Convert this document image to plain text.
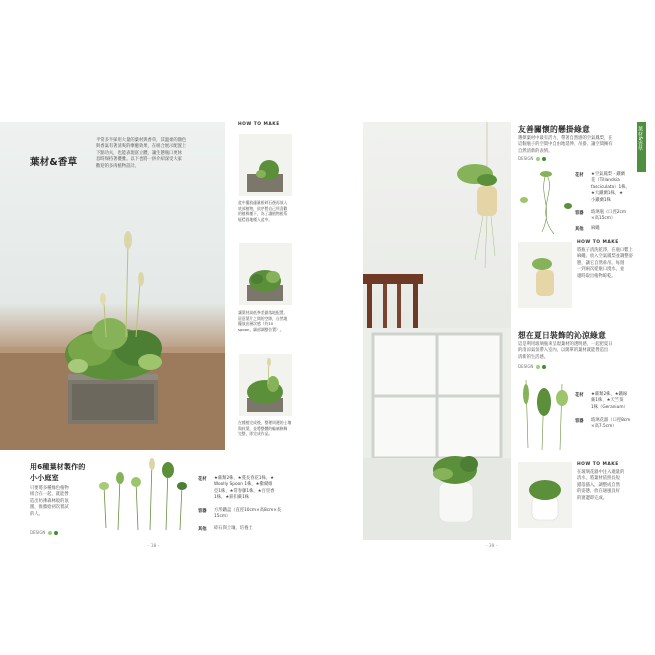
葉材&香草

平常多半採用大量的葉材與香草，其溫柔的顏色
與香氣有著清爽的療癒效果，在組合展示配置上
下點功夫，也能表現富立體，讓生態瓶口更休
息時保持著優雅。以下也將一併介紹深受大家
歡迎的多肉植物設計。

HOW TO MAKE

盆中擺放適量根碎石後再放入
底部植物，依序將自己所喜歡
的植株種下，為了讓植物根系
能穩固地種入盆中。

讓葉材高低參差錯落地配置，
留意葉片之間的空隙，自然地
擺放出層次感（約10
spoon，細部調整位置）。

在種植完成後，整理周邊的土壤
與枝葉，並將整體的輪廓修飾
完整，即完成作品。

用6種葉材製作的
小小庭室

只要將多種綠色植物
組合在一起，就能營
造出彷彿森林般的氛
圍，推薦給初次嘗試
的人。

DESIGN
花材 ★蕨類2株，★蔓長春花1株，★
Woolly Spoon 1株，★撒爾維
亞1株，★常春藤1株，★百里香
1株，★鈕扣蕨1株

容器 方形鐵盒（直徑10cm×高8cm×長
15cm）

其他 碎石與土壤、培養土

- 38 -
友善關懷的懸掛綠意

選擇葉材中最有活力、帶著自然感的空氣鳳梨，在
這個瓶子的空間中自由地延伸、吊掛，讓空間擁有
自然清新的表情。

DESIGN
花材 ★空氣鳳梨・鐵蘭
花（Tillandsia
fasciculata）1株、
★大鐵蘭1株、★
小鐵蘭1株

容器 玻璃瓶（口徑2cm
×高15cm）

其他 麻繩

HOW TO MAKE

將瓶子清洗乾淨，在瓶口繫上
麻繩，放入空氣鳳梨並調整姿
態，讓它自然垂吊。每週
一到兩次從瓶口澆水，並
適時取出植物晾乾。

想在夏日裝飾的沁涼綠意

這是利用玻璃瓶來呈現葉材的透明感，一起把夏日
的清涼氣氛帶入室內，以簡單的葉材就能營造出
清新的生活感。

DESIGN
花材 ★蕨類2株、★鐵線
蕨1株、★天竺葵
1株（Geranium）

容器 玻璃花器（口徑8cm
×高7.5cm）

HOW TO MAKE

在玻璃花器中注入適量的
清水，將葉材依照長短
錯落插入，調整成自然
的姿態，放在通風良好
的窗邊即完成。

- 39 -
葉材&香草
